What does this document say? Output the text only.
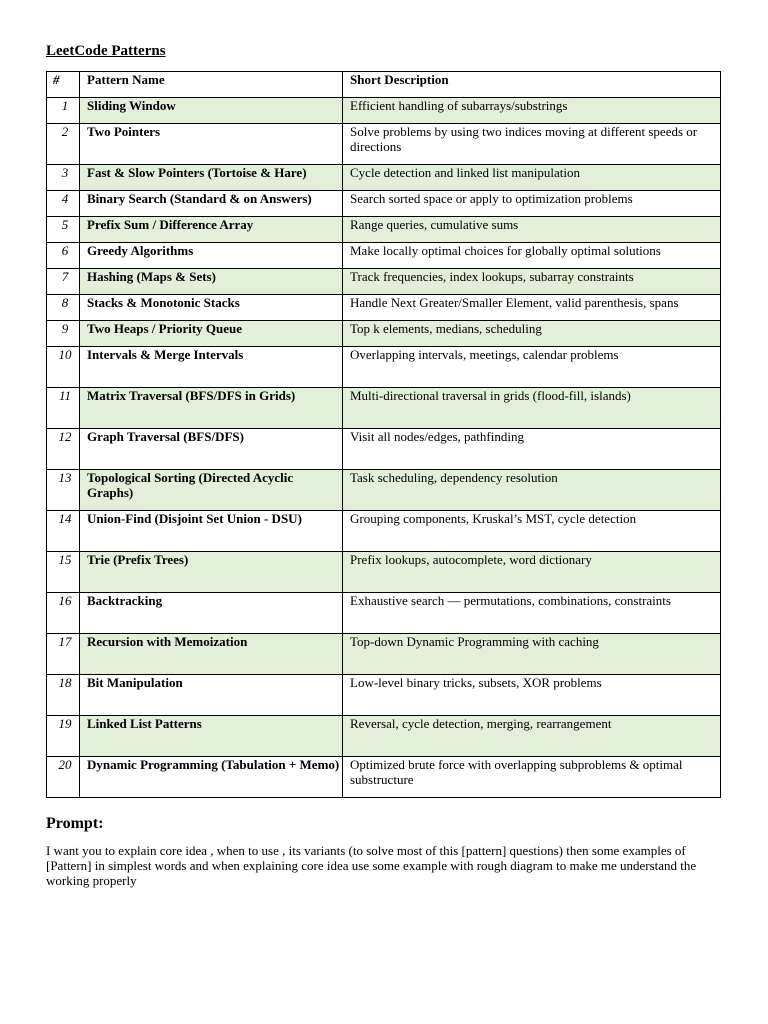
LeetCode Patterns
#	Pattern Name	Short Description
1	Sliding Window	Efficient handling of subarrays/substrings
2	Two Pointers	Solve problems by using two indices moving at different speeds or directions
3	Fast & Slow Pointers (Tortoise & Hare)	Cycle detection and linked list manipulation
4	Binary Search (Standard & on Answers)	Search sorted space or apply to optimization problems
5	Prefix Sum / Difference Array	Range queries, cumulative sums
6	Greedy Algorithms	Make locally optimal choices for globally optimal solutions
7	Hashing (Maps & Sets)	Track frequencies, index lookups, subarray constraints
8	Stacks & Monotonic Stacks	Handle Next Greater/Smaller Element, valid parenthesis, spans
9	Two Heaps / Priority Queue	Top k elements, medians, scheduling
10	Intervals & Merge Intervals	Overlapping intervals, meetings, calendar problems
11	Matrix Traversal (BFS/DFS in Grids)	Multi-directional traversal in grids (flood-fill, islands)
12	Graph Traversal (BFS/DFS)	Visit all nodes/edges, pathfinding
13	Topological Sorting (Directed Acyclic Graphs)	Task scheduling, dependency resolution
14	Union-Find (Disjoint Set Union - DSU)	Grouping components, Kruskal’s MST, cycle detection
15	Trie (Prefix Trees)	Prefix lookups, autocomplete, word dictionary
16	Backtracking	Exhaustive search — permutations, combinations, constraints
17	Recursion with Memoization	Top-down Dynamic Programming with caching
18	Bit Manipulation	Low-level binary tricks, subsets, XOR problems
19	Linked List Patterns	Reversal, cycle detection, merging, rearrangement
20	Dynamic Programming (Tabulation + Memo)	Optimized brute force with overlapping subproblems & optimal substructure
Prompt:

I want you to explain core idea , when to use , its variants (to solve most of this [pattern] questions) then some examples of [Pattern] in simplest words and when explaining core idea use some example with rough diagram to make me understand the working properly
